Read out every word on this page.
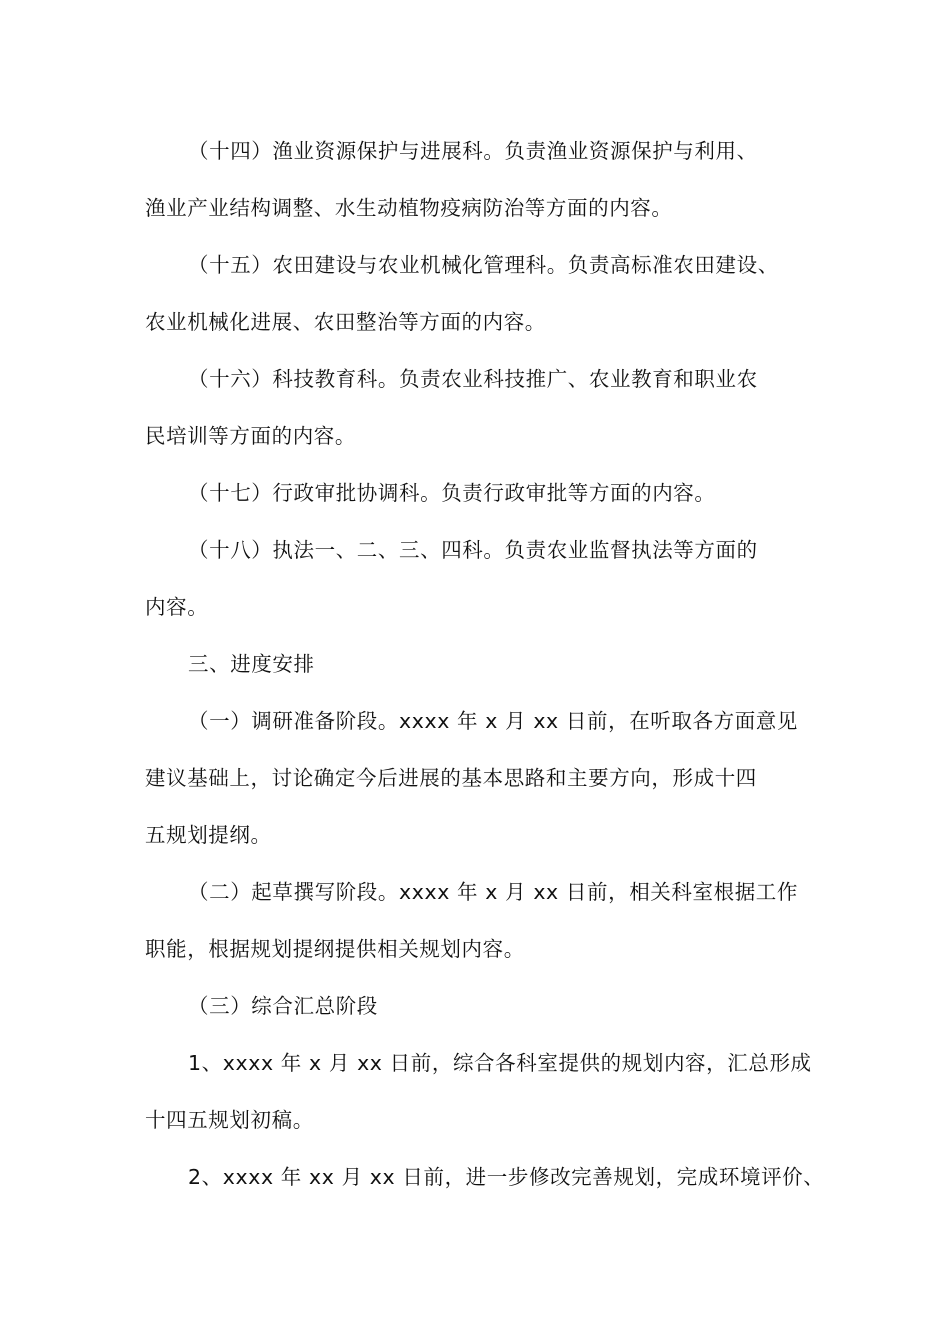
（十四）渔业资源保护与进展科。负责渔业资源保护与利用、
渔业产业结构调整、水生动植物疫病防治等方面的内容。
（十五）农田建设与农业机械化管理科。负责高标准农田建设、
农业机械化进展、农田整治等方面的内容。
（十六）科技教育科。负责农业科技推广、农业教育和职业农
民培训等方面的内容。
（十七）行政审批协调科。负责行政审批等方面的内容。
（十八）执法一、二、三、四科。负责农业监督执法等方面的
内容。
三、进度安排
（一）调研准备阶段。xxxx 年 x 月 xx 日前，在听取各方面意见
建议基础上，讨论确定今后进展的基本思路和主要方向，形成十四
五规划提纲。
（二）起草撰写阶段。xxxx 年 x 月 xx 日前，相关科室根据工作
职能，根据规划提纲提供相关规划内容。
（三）综合汇总阶段
1、xxxx 年 x 月 xx 日前，综合各科室提供的规划内容，汇总形成
十四五规划初稿。
2、xxxx 年 xx 月 xx 日前，进一步修改完善规划，完成环境评价、
